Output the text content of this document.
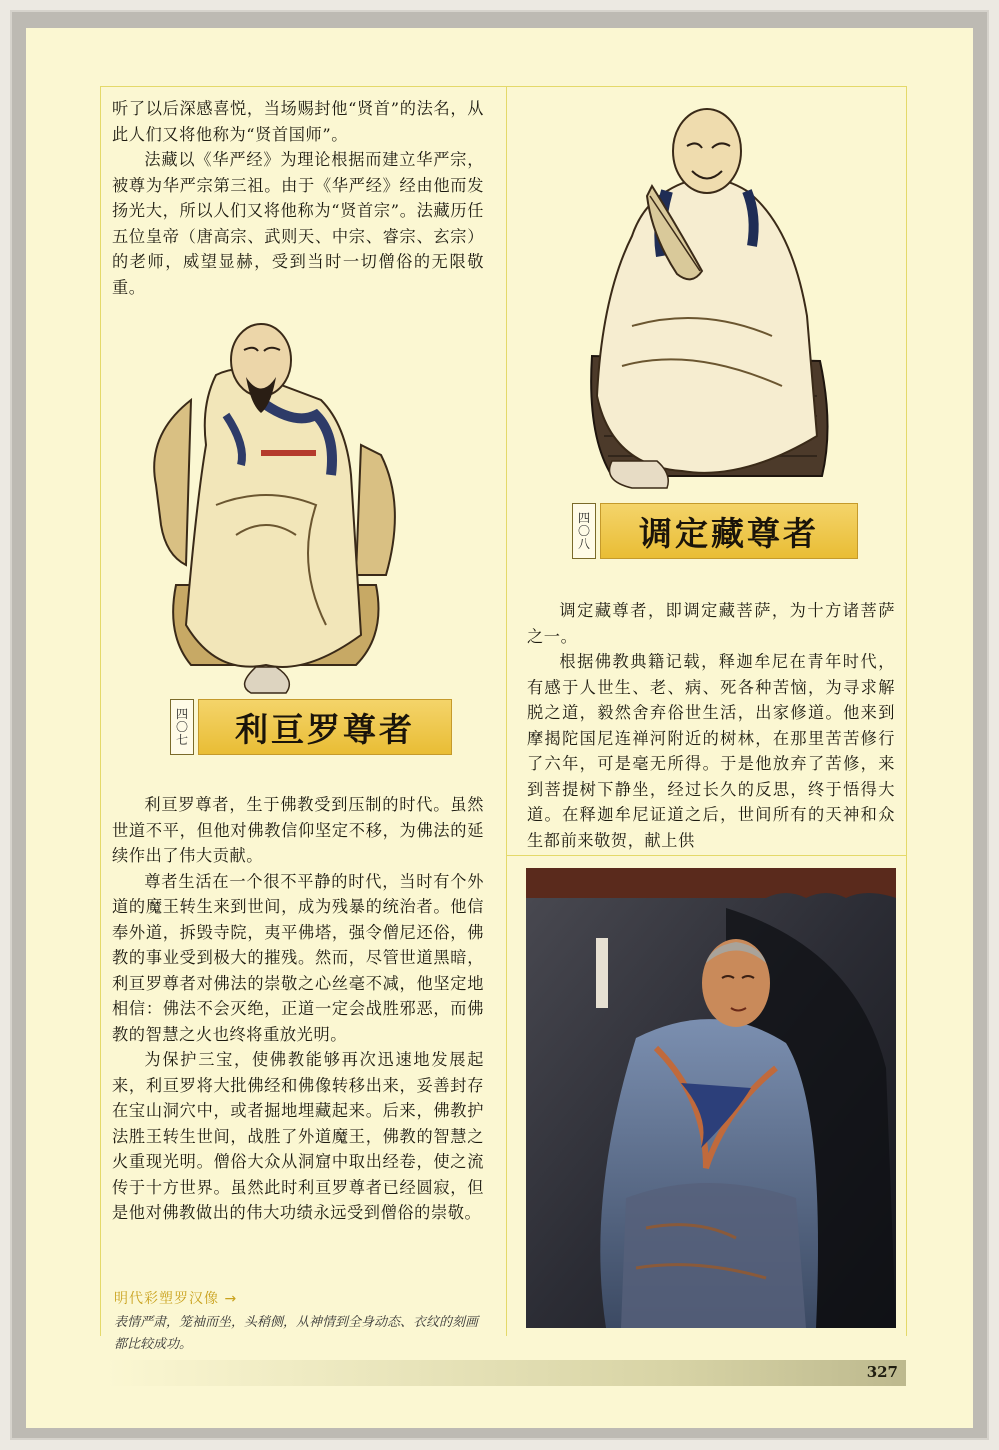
听了以后深感喜悦，当场赐封他“贤首”的法名，从此人们又将他称为“贤首国师”。

法藏以《华严经》为理论根据而建立华严宗，被尊为华严宗第三祖。由于《华严经》经由他而发扬光大，所以人们又将他称为“贤首宗”。法藏历任五位皇帝（唐高宗、武则天、中宗、睿宗、玄宗）的老师，威望显赫，受到当时一切僧俗的无限敬重。

四
〇
七	利亘罗尊者
四
〇
八	调定藏尊者

利亘罗尊者，生于佛教受到压制的时代。虽然世道不平，但他对佛教信仰坚定不移，为佛法的延续作出了伟大贡献。

尊者生活在一个很不平静的时代，当时有个外道的魔王转生来到世间，成为残暴的统治者。他信奉外道，拆毁寺院，夷平佛塔，强令僧尼还俗，佛教的事业受到极大的摧残。然而，尽管世道黑暗，利亘罗尊者对佛法的崇敬之心丝毫不减，他坚定地相信：佛法不会灭绝，正道一定会战胜邪恶，而佛教的智慧之火也终将重放光明。

为保护三宝，使佛教能够再次迅速地发展起来，利亘罗将大批佛经和佛像转移出来，妥善封存在宝山洞穴中，或者掘地埋藏起来。后来，佛教护法胜王转生世间，战胜了外道魔王，佛教的智慧之火重现光明。僧俗大众从洞窟中取出经卷，使之流传于十方世界。虽然此时利亘罗尊者已经圆寂，但是他对佛教做出的伟大功绩永远受到僧俗的崇敬。

调定藏尊者，即调定藏菩萨，为十方诸菩萨之一。

根据佛教典籍记载，释迦牟尼在青年时代，有感于人世生、老、病、死各种苦恼，为寻求解脱之道，毅然舍弃俗世生活，出家修道。他来到摩揭陀国尼连禅河附近的树林，在那里苦苦修行了六年，可是毫无所得。于是他放弃了苦修，来到菩提树下静坐，经过长久的反思，终于悟得大道。在释迦牟尼证道之后，世间所有的天神和众生都前来敬贺，献上供

明代彩塑罗汉像 →
表情严肃，笼袖而坐，头稍侧，从神情到全身动态、衣纹的刻画都比较成功。
327
